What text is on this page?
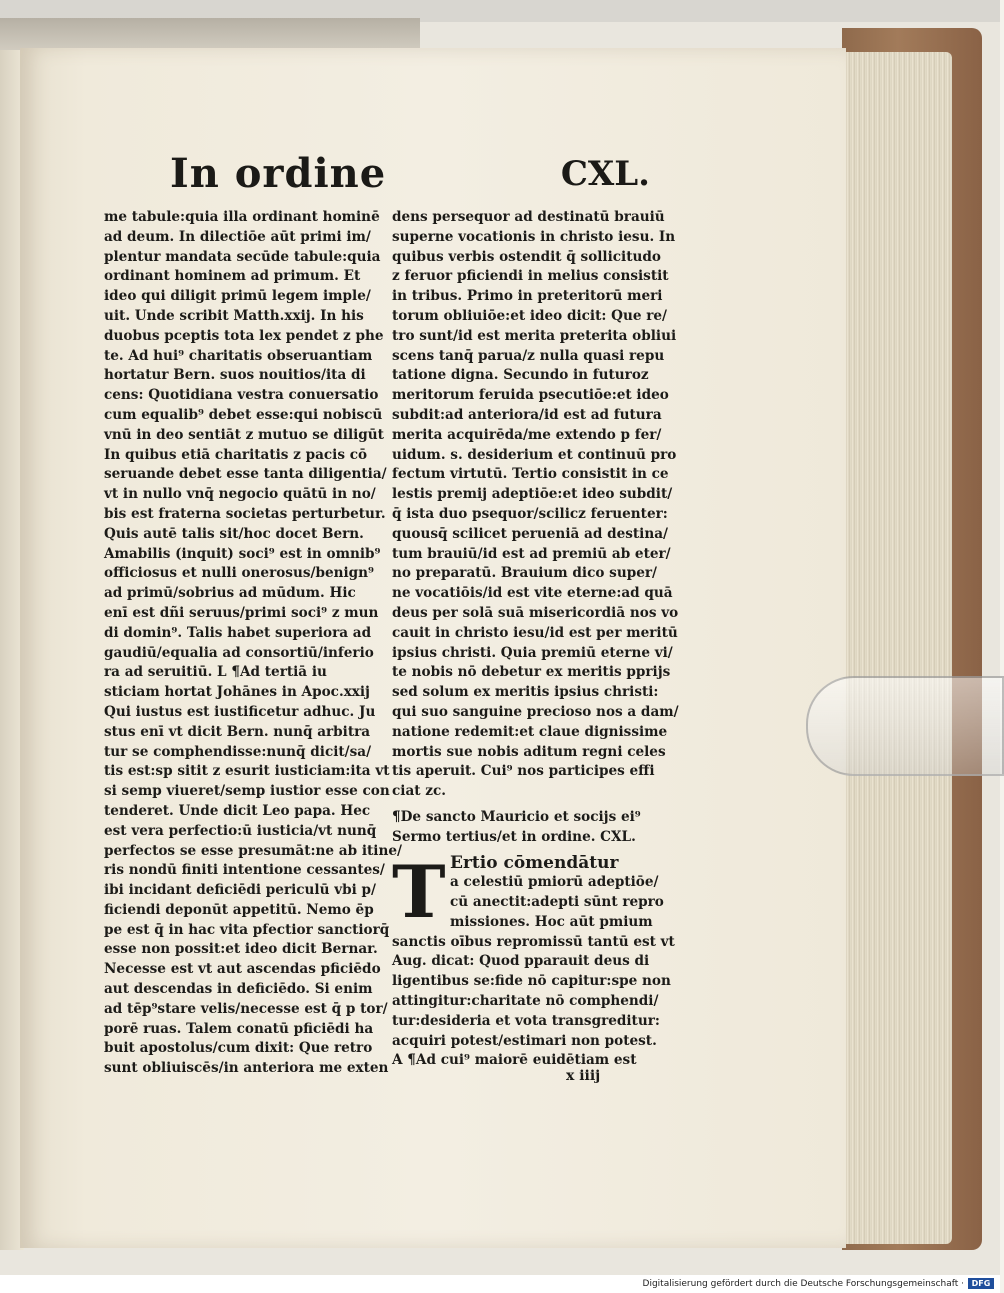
In ordine	CXL.
me tabule:quia illa ordinant hominē
ad deum. In dilectiōe aūt primi im/
plentur mandata secūde tabule:quia
ordinant hominem ad primum. Et
ideo qui diligit primū legem imple/
uit. Unde scribit Matth.xxij. In his
duobus pceptis tota lex pendet z phe
te. Ad hui⁹ charitatis obseruantiam
hortatur Bern. suos nouitios/ita di
cens: Quotidiana vestra conuersatio
cum equalib⁹ debet esse:qui nobiscū
vnū in deo sentiāt z mutuo se diligūt
In quibus etiā charitatis z pacis cō
seruande debet esse tanta diligentia/
vt in nullo vnq̄ negocio quātū in no/
bis est fraterna societas perturbetur.
Quis autē talis sit/hoc docet Bern.
Amabilis (inquit) soci⁹ est in omnib⁹
officiosus et nulli onerosus/benign⁹
ad primū/sobrius ad mūdum. Hic
enī est dñi seruus/primi soci⁹ z mun
di domin⁹. Talis habet superiora ad
gaudiū/equalia ad consortiū/inferio
ra ad seruitiū. L ¶Ad tertiā iu
sticiam hortat Johānes in Apoc.xxij
Qui iustus est iustificetur adhuc. Ju
stus enī vt dicit Bern. nunq̄ arbitra
tur se comphendisse:nunq̄ dicit/sa/
tis est:sp sitit z esurit iusticiam:ita vt
si semp viueret/semp iustior esse con
tenderet. Unde dicit Leo papa. Hec
est vera perfectio:ū iusticia/vt nunq̄
perfectos se esse presumāt:ne ab itine/
ris nondū finiti intentione cessantes/
ibi incidant deficiēdi periculū vbi p/
ficiendi deponūt appetitū. Nemo ēp
pe est q̄ in hac vita pfectior sanctiorq̄
esse non possit:et ideo dicit Bernar.
Necesse est vt aut ascendas pficiēdo
aut descendas in deficiēdo. Si enim
ad tēp⁹stare velis/necesse est q̄ p tor/
porē ruas. Talem conatū pficiēdi ha
buit apostolus/cum dixit: Que retro
sunt obliuiscēs/in anteriora me exten
dens persequor ad destinatū brauiū
superne vocationis in christo iesu. In
quibus verbis ostendit q̄ sollicitudo
z feruor pficiendi in melius consistit
in tribus. Primo in preteritorū meri
torum obliuiōe:et ideo dicit: Que re/
tro sunt/id est merita preterita obliui
scens tanq̄ parua/z nulla quasi repu
tatione digna. Secundo in futuroz
meritorum feruida psecutiōe:et ideo
subdit:ad anteriora/id est ad futura
merita acquirēda/me extendo p fer/
uidum. s. desiderium et continuū pro
fectum virtutū. Tertio consistit in ce
lestis premij adeptiōe:et ideo subdit/
q̄ ista duo psequor/scilicz feruenter:
quousq̄ scilicet perueniā ad destina/
tum brauiū/id est ad premiū ab eter/
no preparatū. Brauium dico super/
ne vocatiōis/id est vite eterne:ad quā
deus per solā suā misericordiā nos vo
cauit in christo iesu/id est per meritū
ipsius christi. Quia premiū eterne vi/
te nobis nō debetur ex meritis pprijs
sed solum ex meritis ipsius christi:
qui suo sanguine precioso nos a dam/
natione redemit:et claue dignissime
mortis sue nobis aditum regni celes
tis aperuit. Cui⁹ nos participes effi
ciat zc.
¶De sancto Mauricio et socijs ei⁹
Sermo tertius/et in ordine. CXL.
T Ertio cōmendātur
a celestiū pmiorū adeptiōe/
cū anectit:adepti sūnt repro
missiones. Hoc aūt pmium
sanctis oībus repromissū tantū est vt
Aug. dicat: Quod pparauit deus di
ligentibus se:fide nō capitur:spe non
attingitur:charitate nō comphendi/
tur:desideria et vota transgreditur:
acquiri potest/estimari non potest.
A ¶Ad cui⁹ maiorē euidētiam est
x iiij
Digitalisierung gefördert durch die Deutsche Forschungsgemeinschaft · DFG
